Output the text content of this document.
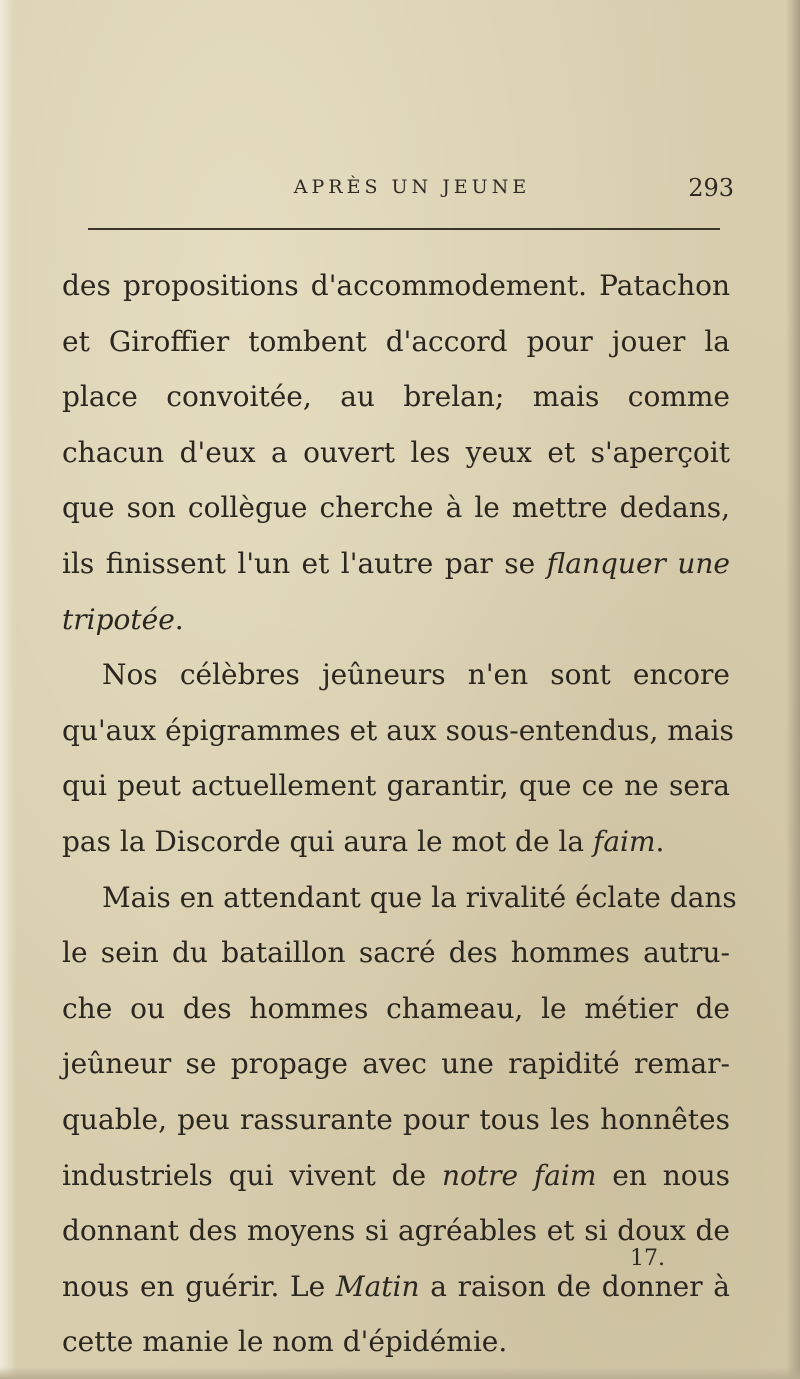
APRÈS UN JEUNE	293
des propositions d'accommodement. Patachon
et Giroffier tombent d'accord pour jouer la
place convoitée, au brelan; mais comme
chacun d'eux a ouvert les yeux et s'aperçoit
que son collègue cherche à le mettre dedans,
ils finissent l'un et l'autre par se flanquer une
tripotée.
Nos célèbres jeûneurs n'en sont encore
qu'aux épigrammes et aux sous-entendus, mais
qui peut actuellement garantir, que ce ne sera
pas la Discorde qui aura le mot de la faim.
Mais en attendant que la rivalité éclate dans
le sein du bataillon sacré des hommes autru-
che ou des hommes chameau, le métier de
jeûneur se propage avec une rapidité remar-
quable, peu rassurante pour tous les honnêtes
industriels qui vivent de notre faim en nous
donnant des moyens si agréables et si doux de
nous en guérir. Le Matin a raison de donner à
cette manie le nom d'épidémie.
17.
